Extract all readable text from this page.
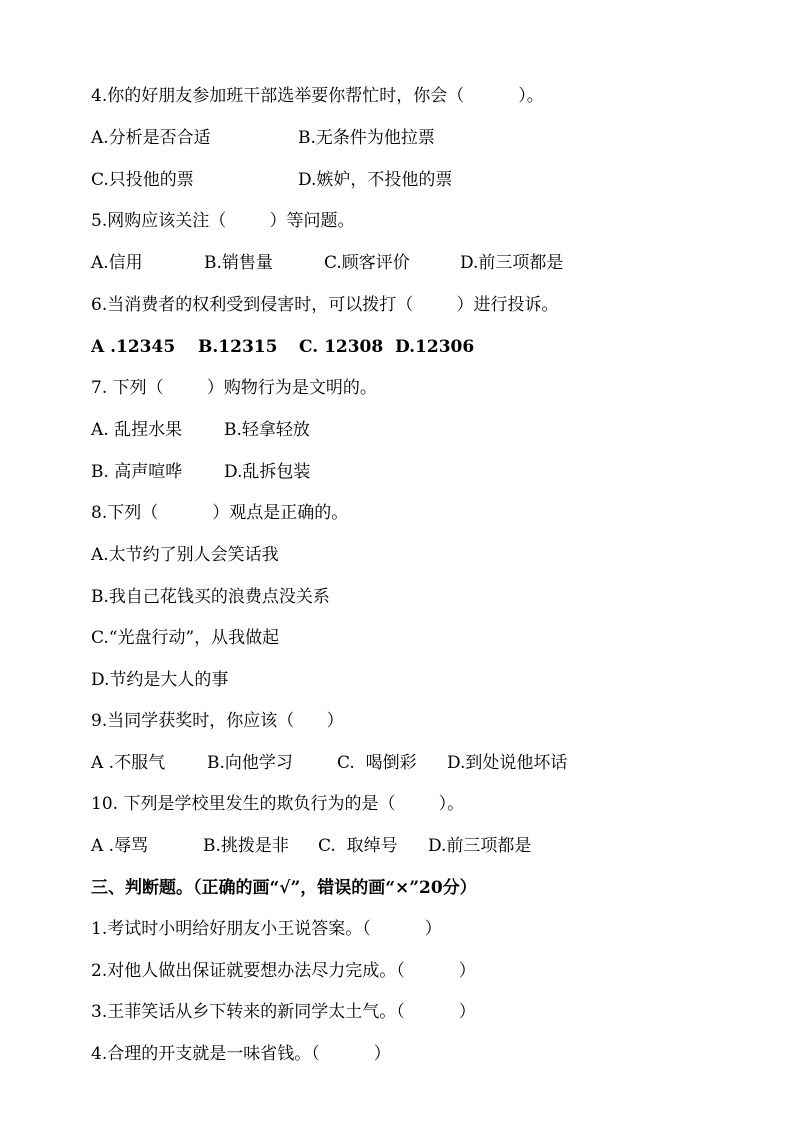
4.你的好朋友参加班干部选举要你帮忙时，你会（          ）。
A.分析是否合适	B.无条件为他拉票
C.只投他的票	D.嫉妒，不投他的票
5.网购应该关注（        ）等问题。
A.信用	B.销售量	C.顾客评价	D.前三项都是
6.当消费者的权利受到侵害时，可以拨打（        ）进行投诉。
A .12345	B.12315	C. 12308 D.12306
7. 下列（        ）购物行为是文明的。
A. 乱捏水果	B.轻拿轻放
B. 高声喧哗	D.乱拆包装
8.下列（          ）观点是正确的。
A.太节约了别人会笑话我
B.我自己花钱买的浪费点没关系
C.“光盘行动”，从我做起
D.节约是大人的事
9.当同学获奖时，你应该（      ）
A .不服气	B.向他学习	C.  喝倒彩	D.到处说他坏话
10. 下列是学校里发生的欺负行为的是（        ）。
A .辱骂	B.挑拨是非	C.  取绰号	D.前三项都是
三、判断题。（正确的画“√”，错误的画“×”20分）
1.考试时小明给好朋友小王说答案。（          ）
2.对他人做出保证就要想办法尽力完成。（          ）
3.王菲笑话从乡下转来的新同学太土气。（          ）
4.合理的开支就是一味省钱。（          ）
